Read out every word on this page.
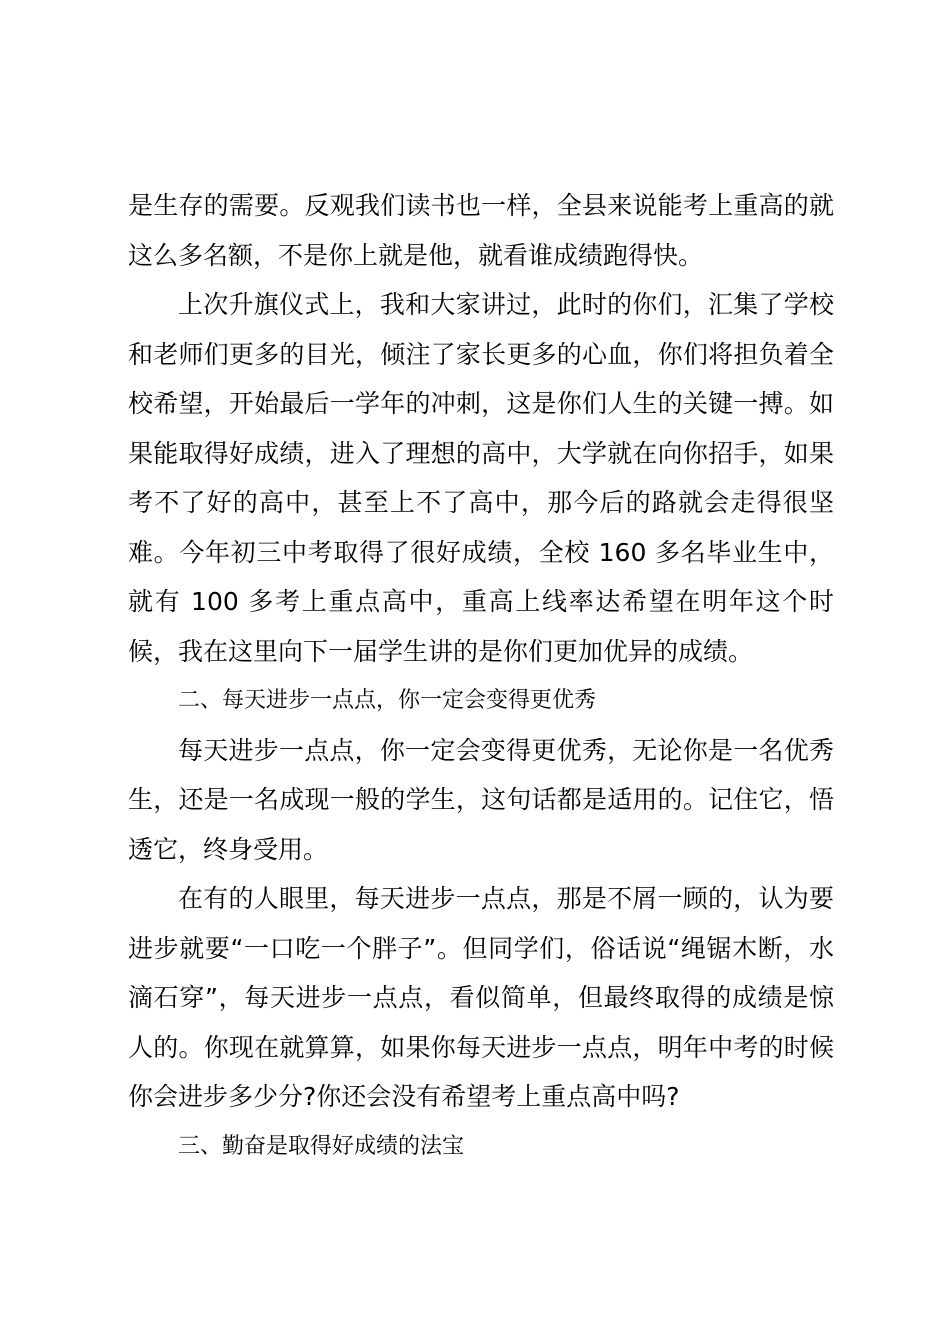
是生存的需要。反观我们读书也一样，全县来说能考上重高的就这么多名额，不是你上就是他，就看谁成绩跑得快。

上次升旗仪式上，我和大家讲过，此时的你们，汇集了学校和老师们更多的目光，倾注了家长更多的心血，你们将担负着全校希望，开始最后一学年的冲刺，这是你们人生的关键一搏。如果能取得好成绩，进入了理想的高中，大学就在向你招手，如果考不了好的高中，甚至上不了高中，那今后的路就会走得很坚难。今年初三中考取得了很好成绩，全校 160 多名毕业生中，就有 100 多考上重点高中，重高上线率达希望在明年这个时候，我在这里向下一届学生讲的是你们更加优异的成绩。

二、每天进步一点点，你一定会变得更优秀

每天进步一点点，你一定会变得更优秀，无论你是一名优秀生，还是一名成现一般的学生，这句话都是适用的。记住它，悟透它，终身受用。

在有的人眼里，每天进步一点点，那是不屑一顾的，认为要进步就要“一口吃一个胖子”。但同学们，俗话说“绳锯木断，水滴石穿”，每天进步一点点，看似简单，但最终取得的成绩是惊人的。你现在就算算，如果你每天进步一点点，明年中考的时候你会进步多少分?你还会没有希望考上重点高中吗?

三、勤奋是取得好成绩的法宝
